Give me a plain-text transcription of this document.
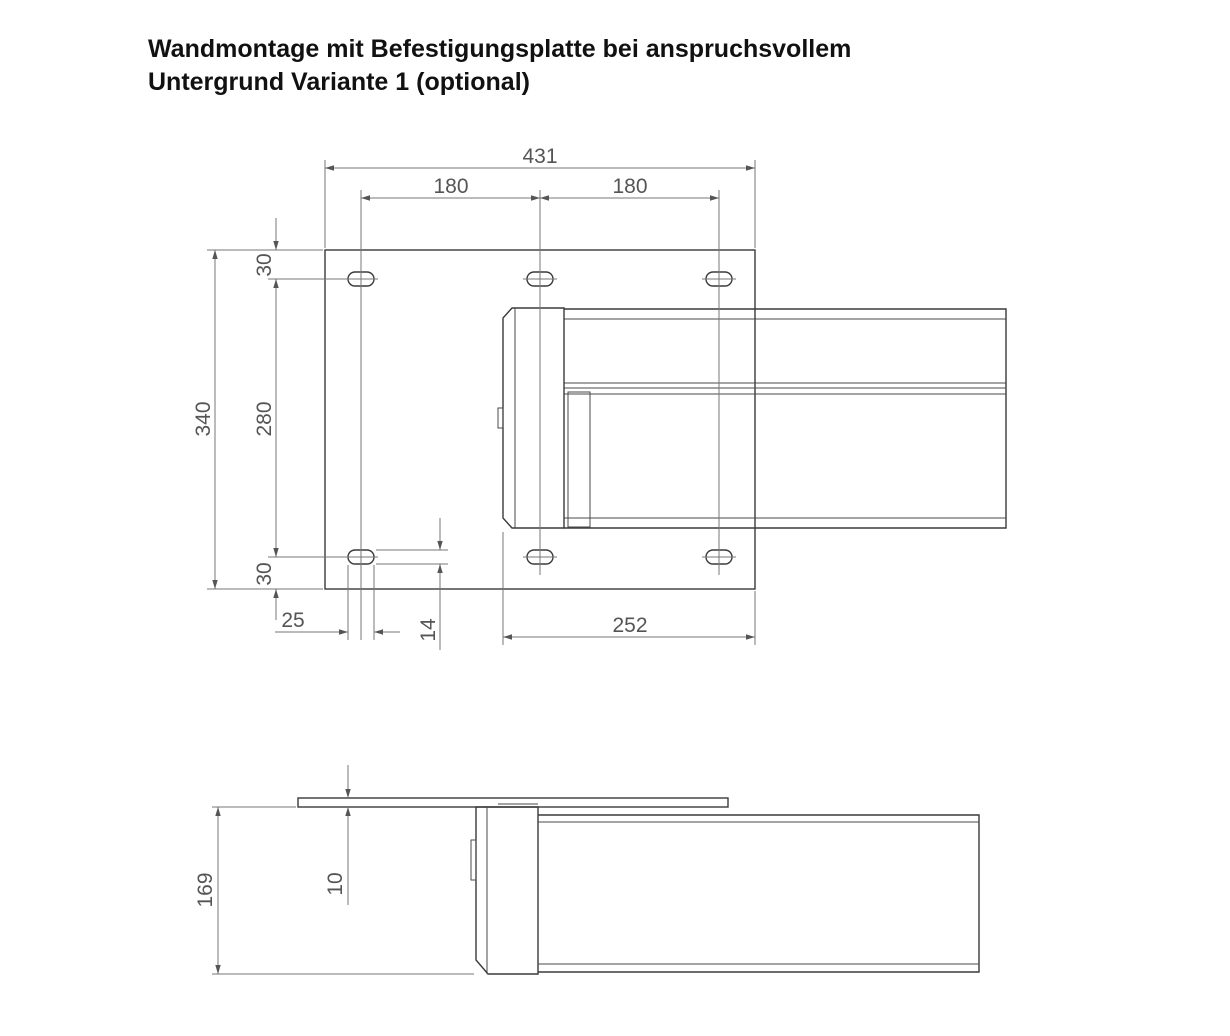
Wandmontage mit Befestigungsplatte bei anspruchsvollem
Untergrund Variante 1 (optional)
431
180	180
340
30
280
30
25	14	252
10
169
